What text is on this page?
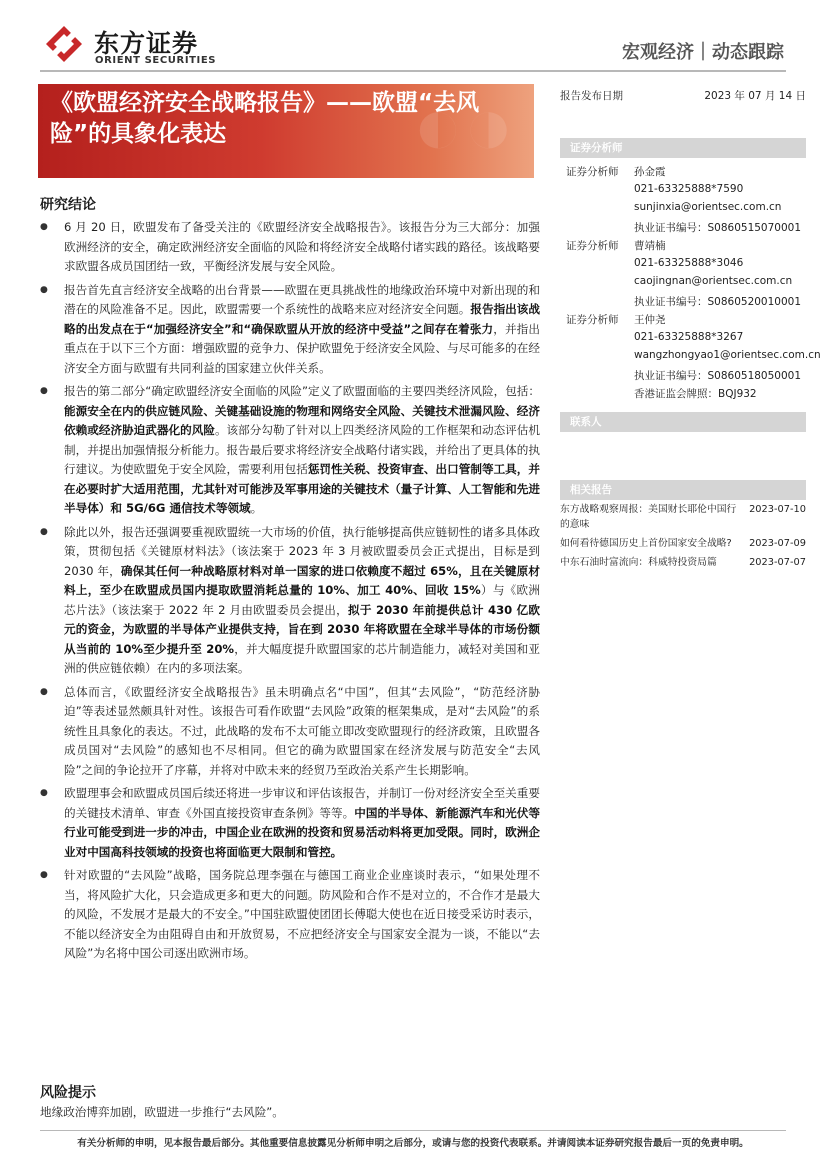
东方证券
ORIENT SECURITIES	宏观经济｜动态跟踪
◐◑
《欧盟经济安全战略报告》——欧盟“去风险”的具象化表达
研究结论
● 6 月 20 日，欧盟发布了备受关注的《欧盟经济安全战略报告》。该报告分为三大部分：加强欧洲经济的安全，确定欧洲经济安全面临的风险和将经济安全战略付诸实践的路径。该战略要求欧盟各成员国团结一致，平衡经济发展与安全风险。
● 报告首先直言经济安全战略的出台背景——欧盟在更具挑战性的地缘政治环境中对新出现的和潜在的风险准备不足。因此，欧盟需要一个系统性的战略来应对经济安全问题。报告指出该战略的出发点在于“加强经济安全”和“确保欧盟从开放的经济中受益”之间存在着张力，并指出重点在于以下三个方面：增强欧盟的竞争力、保护欧盟免于经济安全风险、与尽可能多的在经济安全方面与欧盟有共同利益的国家建立伙伴关系。
● 报告的第二部分“确定欧盟经济安全面临的风险”定义了欧盟面临的主要四类经济风险，包括：能源安全在内的供应链风险、关键基础设施的物理和网络安全风险、关键技术泄漏风险、经济依赖或经济胁迫武器化的风险。该部分勾勒了针对以上四类经济风险的工作框架和动态评估机制，并提出加强情报分析能力。报告最后要求将经济安全战略付诸实践，并给出了更具体的执行建议。为使欧盟免于安全风险，需要利用包括惩罚性关税、投资审查、出口管制等工具，并在必要时扩大适用范围，尤其针对可能涉及军事用途的关键技术（量子计算、人工智能和先进半导体）和 5G/6G 通信技术等领域。
● 除此以外，报告还强调要重视欧盟统一大市场的价值，执行能够提高供应链韧性的诸多具体政策，贯彻包括《关键原材料法》（该法案于 2023 年 3 月被欧盟委员会正式提出，目标是到 2030 年，确保其任何一种战略原材料对单一国家的进口依赖度不超过 65%，且在关键原材料上，至少在欧盟成员国内提取欧盟消耗总量的 10%、加工 40%、回收 15%）与《欧洲芯片法》（该法案于 2022 年 2 月由欧盟委员会提出，拟于 2030 年前提供总计 430 亿欧元的资金，为欧盟的半导体产业提供支持，旨在到 2030 年将欧盟在全球半导体的市场份额从当前的 10%至少提升至 20%，并大幅度提升欧盟国家的芯片制造能力，减轻对美国和亚洲的供应链依赖）在内的多项法案。
● 总体而言，《欧盟经济安全战略报告》虽未明确点名“中国”，但其“去风险”，“防范经济胁迫”等表述显然颇具针对性。该报告可看作欧盟“去风险”政策的框架集成，是对“去风险”的系统性且具象化的表达。不过，此战略的发布不太可能立即改变欧盟现行的经济政策，且欧盟各成员国对“去风险”的感知也不尽相同。但它的确为欧盟国家在经济发展与防范安全“去风险”之间的争论拉开了序幕，并将对中欧未来的经贸乃至政治关系产生长期影响。
● 欧盟理事会和欧盟成员国后续还将进一步审议和评估该报告，并制订一份对经济安全至关重要的关键技术清单、审查《外国直接投资审查条例》等等。中国的半导体、新能源汽车和光伏等行业可能受到进一步的冲击，中国企业在欧洲的投资和贸易活动料将更加受限。同时，欧洲企业对中国高科技领域的投资也将面临更大限制和管控。
● 针对欧盟的“去风险”战略，国务院总理李强在与德国工商业企业座谈时表示，“如果处理不当，将风险扩大化，只会造成更多和更大的问题。防风险和合作不是对立的，不合作才是最大的风险，不发展才是最大的不安全。”中国驻欧盟使团团长傅聪大使也在近日接受采访时表示，不能以经济安全为由阻碍自由和开放贸易，不应把经济安全与国家安全混为一谈，不能以“去风险”为名将中国公司逐出欧洲市场。
风险提示
地缘政治博弈加剧，欧盟进一步推行“去风险”。
报告发布日期	2023 年 07 月 14 日
证券分析师
证券分析师 孙金霞
021-63325888*7590
sunjinxia@orientsec.com.cn
执业证书编号：S0860515070001
证券分析师 曹靖楠
021-63325888*3046
caojingnan@orientsec.com.cn
执业证书编号：S0860520010001
证券分析师 王仲尧
021-63325888*3267
wangzhongyao1@orientsec.com.cn
执业证书编号：S0860518050001
香港证监会牌照：BQJ932
联系人
相关报告
东方战略观察周报：美国财长耶伦中国行的意味
2023-07-10
如何看待德国历史上首份国家安全战略?	2023-07-09
中东石油时富流向：科威特投资局篇	2023-07-07
有关分析师的申明，见本报告最后部分。其他重要信息披露见分析师申明之后部分，或请与您的投资代表联系。并请阅读本证券研究报告最后一页的免责申明。
